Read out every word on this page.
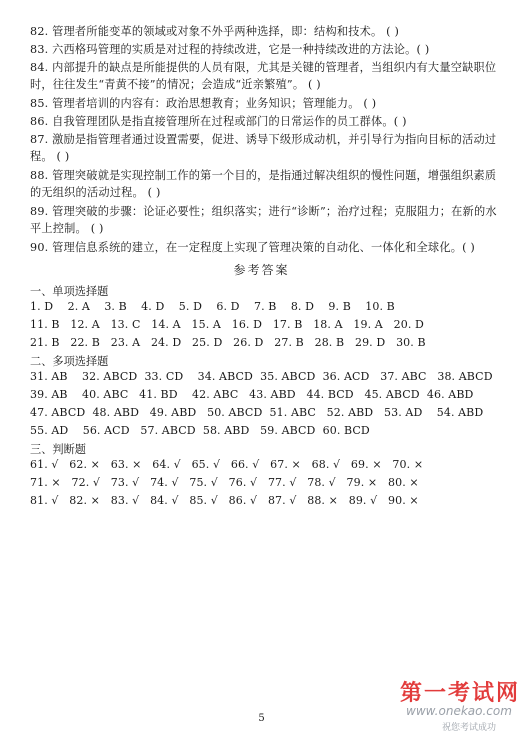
82. 管理者所能变革的领域或对象不外乎两种选择，即：结构和技术。 ( )
83. 六西格玛管理的实质是对过程的持续改进，它是一种持续改进的方法论。( )
84. 内部提升的缺点是所能提供的人员有限，尤其是关键的管理者，当组织内有大量空缺职位时，往往发生“青黄不接”的情况；会造成“近亲繁殖”。 ( )
85. 管理者培训的内容有：政治思想教育；业务知识；管理能力。 ( )
86. 自我管理团队是指直接管理所在过程或部门的日常运作的员工群体。( )
87. 激励是指管理者通过设置需要，促进、诱导下级形成动机，并引导行为指向目标的活动过程。 ( )
88. 管理突破就是实现控制工作的第一个目的，是指通过解决组织的慢性问题，增强组织素质的无组织的活动过程。 ( )
89. 管理突破的步骤：论证必要性；组织落实；进行“诊断”；治疗过程；克服阻力；在新的水平上控制。 ( )
90. 管理信息系统的建立，在一定程度上实现了管理决策的自动化、一体化和全球化。( )
参考答案
一、单项选择题
1. D    2. A    3. B    4. D    5. D    6. D    7. B    8. D    9. B    10. B
11. B   12. A   13. C   14. A   15. A   16. D   17. B   18. A   19. A   20. D
21. B   22. B   23. A   24. D   25. D   26. D   27. B   28. B   29. D   30. B
二、多项选择题
31. AB    32. ABCD  33. CD    34. ABCD  35. ABCD  36. ACD   37. ABC   38. ABCD
39. AB    40. ABC   41. BD    42. ABC   43. ABD   44. BCD   45. ABCD  46. ABD
47. ABCD  48. ABD   49. ABD   50. ABCD  51. ABC   52. ABD   53. AD    54. ABD
55. AD    56. ACD   57. ABCD  58. ABD   59. ABCD  60. BCD
三、判断题
61. √   62. ×   63. ×   64. √   65. √   66. √   67. ×   68. √   69. ×   70. ×
71. ×   72. √   73. √   74. √   75. √   76. √   77. √   78. √   79. ×   80. ×
81. √   82. ×   83. √   84. √   85. √   86. √   87. √   88. ×   89. √   90. ×
第一考试网
www.onekao.com
祝您考试成功
5
